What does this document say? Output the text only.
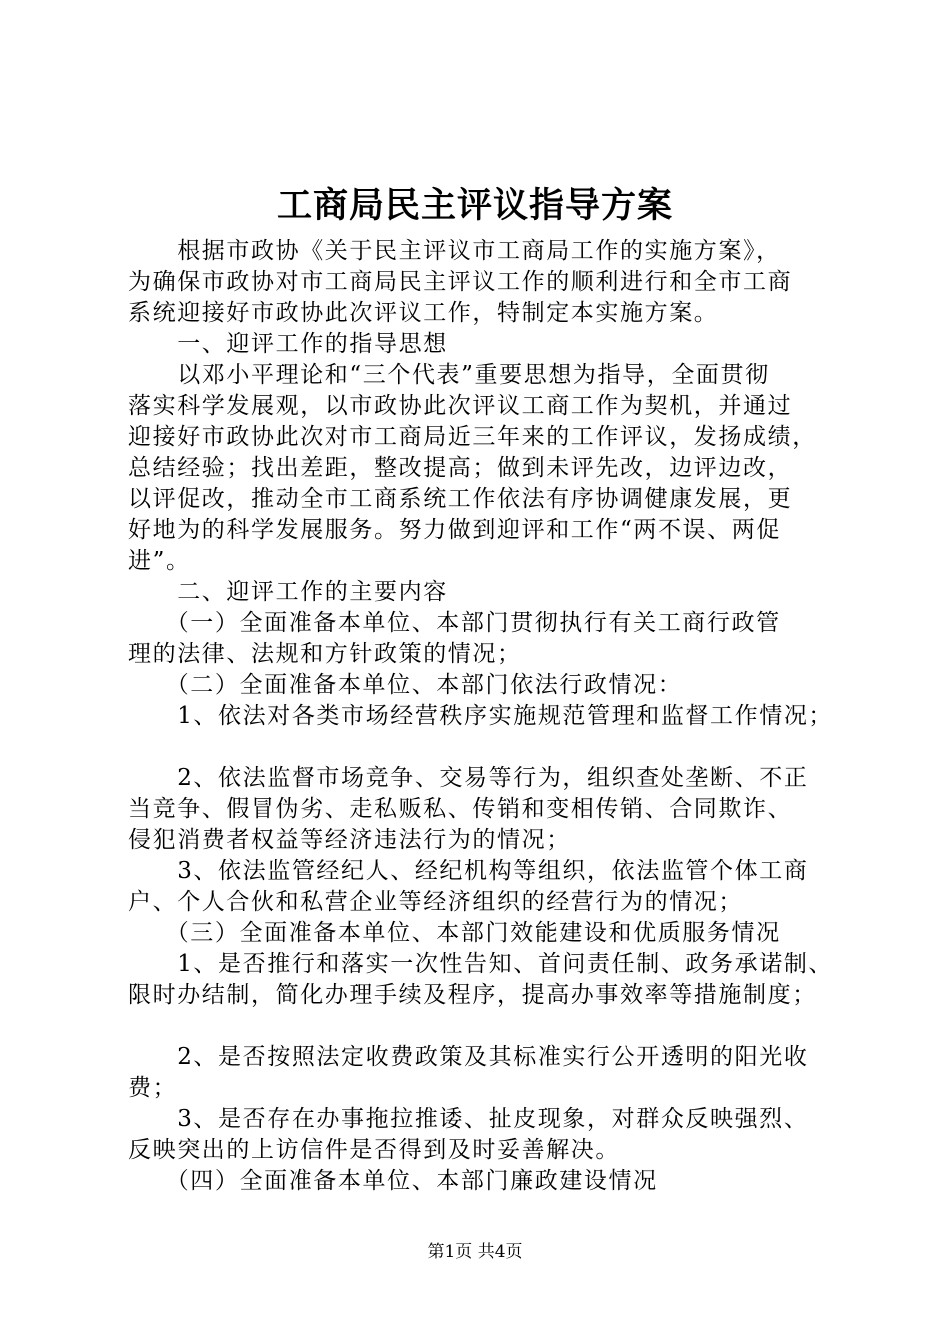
工商局民主评议指导方案
　　根据市政协《关于民主评议市工商局工作的实施方案》，
为确保市政协对市工商局民主评议工作的顺利进行和全市工商
系统迎接好市政协此次评议工作，特制定本实施方案。
　　一、迎评工作的指导思想
　　以邓小平理论和“三个代表”重要思想为指导，全面贯彻
落实科学发展观，以市政协此次评议工商工作为契机，并通过
迎接好市政协此次对市工商局近三年来的工作评议，发扬成绩，
总结经验；找出差距，整改提高；做到未评先改，边评边改，
以评促改，推动全市工商系统工作依法有序协调健康发展，更
好地为的科学发展服务。努力做到迎评和工作“两不误、两促
进”。
　　二、迎评工作的主要内容
　　（一）全面准备本单位、本部门贯彻执行有关工商行政管
理的法律、法规和方针政策的情况；
　　（二）全面准备本单位、本部门依法行政情况：
　　1、依法对各类市场经营秩序实施规范管理和监督工作情况；
　　2、依法监督市场竞争、交易等行为，组织查处垄断、不正
当竞争、假冒伪劣、走私贩私、传销和变相传销、合同欺诈、
侵犯消费者权益等经济违法行为的情况；
　　3、依法监管经纪人、经纪机构等组织，依法监管个体工商
户、个人合伙和私营企业等经济组织的经营行为的情况；
　　（三）全面准备本单位、本部门效能建设和优质服务情况
　　1、是否推行和落实一次性告知、首问责任制、政务承诺制、
限时办结制，简化办理手续及程序，提高办事效率等措施制度；
　　2、是否按照法定收费政策及其标准实行公开透明的阳光收
费；
　　3、是否存在办事拖拉推诿、扯皮现象，对群众反映强烈、
反映突出的上访信件是否得到及时妥善解决。
　　（四）全面准备本单位、本部门廉政建设情况
第1页 共4页
